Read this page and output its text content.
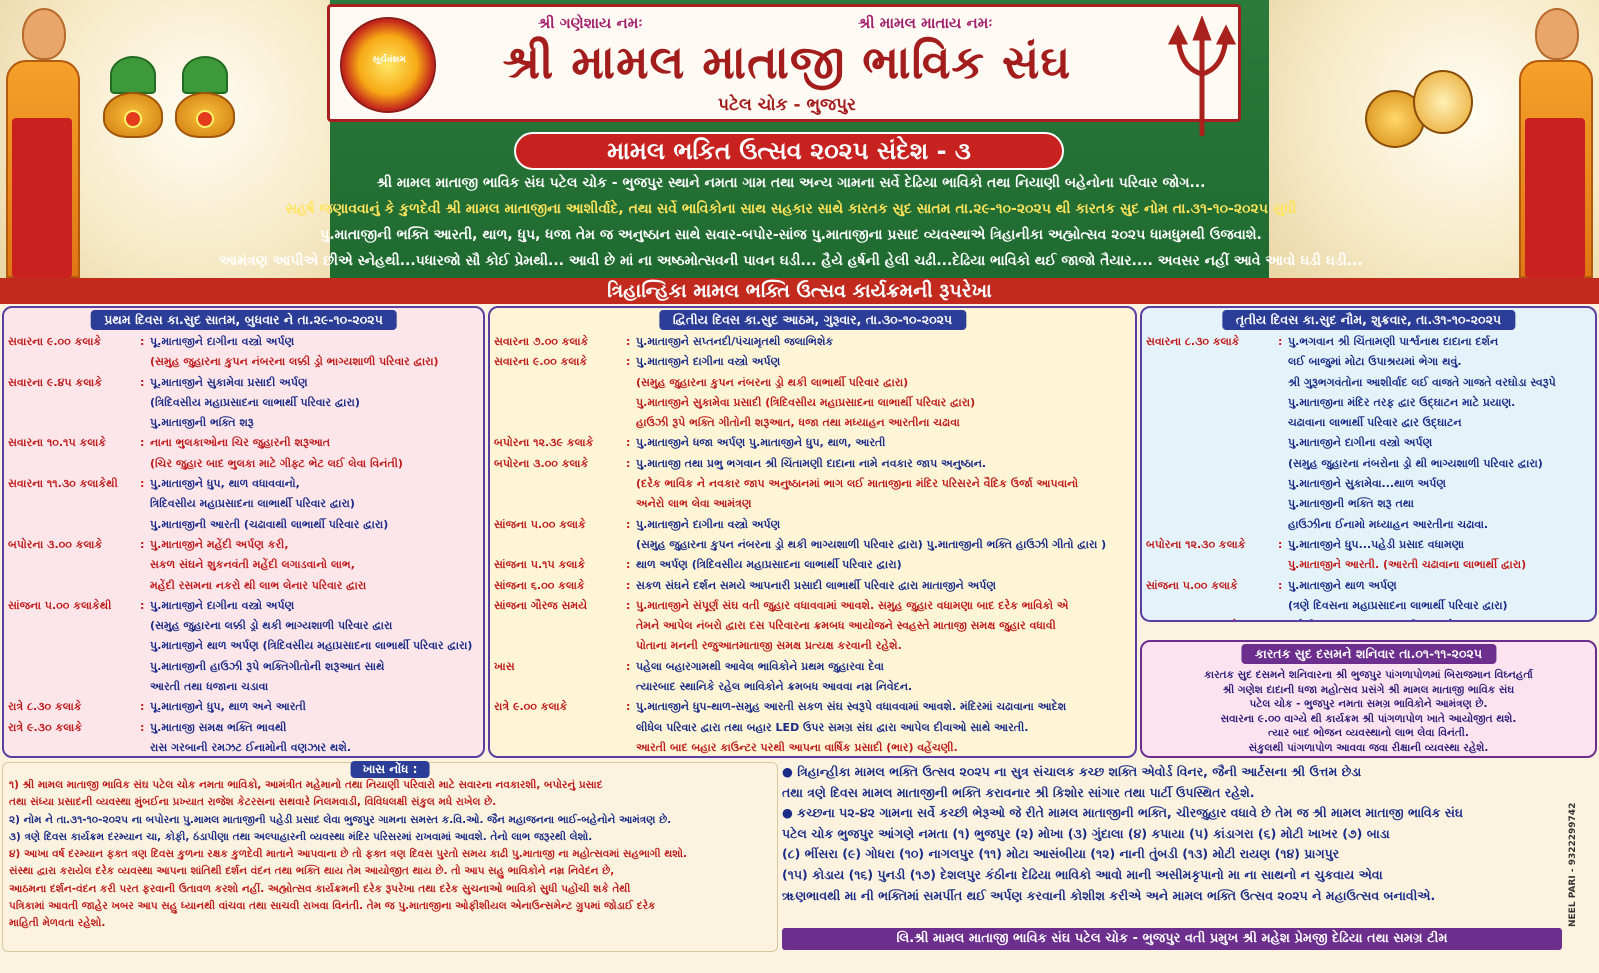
સૂર્યવંશમ
શ્રી ગણેશાય નમઃ	શ્રી મામલ માતાય નમઃ
શ્રી મામલ માતાજી ભાવિક સંઘ
પટેલ ચોક - ભુજપુર
મામલ ભકિત ઉત્સવ ૨૦૨૫ સંદેશ - ૩
શ્રી મામલ માતાજી ભાવિક સંઘ પટેલ ચોક - ભુજપુર સ્થાને નમતા ગામ તથા અન્ય ગામના સર્વે દેઢિયા ભાવિકો તથા નિયાણી બહેનોના પરિવાર જોગ...
સહર્ષ જણાવવાનું કે કુળદેવી શ્રી મામલ માતાજીના આશીર્વાદે, તથા સર્વે ભાવિકોના સાથ સહકાર સાથે કારતક સુદ સાતમ તા.૨૯-૧૦-૨૦૨૫ થી કારતક સુદ નોમ તા.૩૧-૧૦-૨૦૨૫ સુધી
પુ.માતાજીની ભક્તિ આરતી, થાળ, ધુપ, ધજા તેમ જ અનુષ્ઠાન સાથે સવાર-બપોર-સાંજ પુ.માતાજીના પ્રસાદ વ્યવસ્થાએ ત્રિહાનીકા અહ્મોત્સવ ૨૦૨૫ ધામધુમથી ઉજવાશે.
આમંત્રણ આપીએ છીએ સ્નેહથી...પધારજો સૌ કોઈ પ્રેમથી... આવી છે માં ના અષ્ઠમોત્સવની પાવન ઘડી... હૈયે હર્ષની હેલી ચઢી...દેઢિયા ભાવિકો થઈ જાજો તૈયાર.... અવસર નહીં આવે આવો ઘડી ઘડી...
ત્રિહાન્હિકા મામલ ભક્તિ ઉત્સવ કાર્યક્રમની રૂપરેખા
પ્રથમ દિવસ કા.સુદ સાતમ, બુધવાર ને તા.૨૯-૧૦-૨૦૨૫
સવારના ૯.૦૦ કલાકે	: પૂ.માતાજીને દાગીના વસ્ત્રો અર્પણ
(સમુહ જુહારના કુપન નંબરના લક્કી ડ્રો ભાગ્યશાળી પરિવાર દ્વારા)
સવારના ૯.૪૫ કલાકે	: પૂ.માતાજીને સુકામેવા પ્રસાદી અર્પણ
(ત્રિદિવસીય મહાપ્રસાદના લાભાર્થી પરિવાર દ્વારા)
પુ.માતાજીની ભક્તિ શરૂ
સવારના ૧૦.૧૫ કલાકે	: નાના ભુલકાઓના ચિર જુહારની શરૂઆત
(ચિર જુહાર બાદ ભુલકા માટે ગીફ્ટ ભેટ લઈ લેવા વિનંતી)
સવારના ૧૧.૩૦ કલાકેથી	: પુ.માતાજીને ધુપ, થાળ વધાવવાનો,
ત્રિદિવસીય મહાપ્રસાદના લાભાર્થી પરિવાર દ્વારા)
પુ.માતાજીની આરતી (ચઢાવાથી લાભાર્થી પરિવાર દ્વારા)
બપોરના ૩.૦૦ કલાકે	: પુ.માતાજીને મહેંદી અર્પણ કરી,
સકળ સંઘને શુકનવંતી મહેંદી લગાડવાનો લાભ,
મહેંદી રસમના નકરો થી લાભ લેનાર પરિવાર દ્વારા
સાંજના ૫.૦૦ કલાકેથી	: પુ.માતાજીને દાગીના વસ્ત્રો અર્પણ
(સમુહ જુહારના લક્કી ડ્રો થકી ભાગ્યશાળી પરિવાર દ્વારા
પુ.માતાજીને થાળ અર્પણ (ત્રિદિવસીય મહાપ્રસાદના લાભાર્થી પરિવાર દ્વારા)
પુ.માતાજીની હાઉઝી રૂપે ભક્તિગીતોની શરૂઆત સાથે
આરતી તથા ધજાના ચડાવા
રાત્રે ૮.૩૦ કલાકે	: પૂ.માતાજીને ધુપ, થાળ અને આરતી
રાત્રે ૯.૩૦ કલાકે	: પુ.માતાજી સમક્ષ ભક્તિ ભાવથી
રાસ ગરબાની રમઝટ ઈનામોની વણઝાર થશે.
દ્વિતીય દિવસ કા.સુદ આઠમ, ગુરૂવાર, તા.૩૦-૧૦-૨૦૨૫
સવારના ૭.૦૦ કલાકે	: પુ.માતાજીને સપ્તનદી/પંચામૃતથી જલાભિશેક
સવારના ૯.૦૦ કલાકે	: પુ.માતાજીને દાગીના વસ્ત્રો અર્પણ
(સમુહ જુહારના કુપન નંબરના ડ્રો થકી લાભાર્થી પરિવાર દ્વારા)
પુ.માતાજીને સુકામેવા પ્રસાદી (ત્રિદિવસીય મહાપ્રસાદના લાભાર્થી પરિવાર દ્વારા)
હાઉઝી રૂપે ભક્તિ ગીતોની શરૂઆત, ધજા તથા મધ્યાહન આરતીના ચઢાવા
બપોરના ૧૨.૩૯ કલાકે	: પુ.માતાજીને ધજા અર્પણ પુ.માતાજીને ધુપ, થાળ, આરતી
બપોરના ૩.૦૦ કલાકે	: પુ.માતાજી તથા પ્રભુ ભગવાન શ્રી ચિંતામણી દાદાના નામે નવકાર જાપ અનુષ્ઠાન.
(દરેક ભાવિક ને નવકાર જાપ અનુષ્ઠાનમાં ભાગ લઈ માતાજીના મંદિર પરિસરને વૈદિક ઉર્જા આપવાનો
અનેરો લાભ લેવા આમંત્રણ
સાંજના ૫.૦૦ કલાકે	: પુ.માતાજીને દાગીના વસ્ત્રો અર્પણ
(સમુહ જુહારના કુપન નંબરના ડ્રો થકી ભાગ્યશાળી પરિવાર દ્વારા) પુ.માતાજીની ભક્તિ હાઉઝી ગીતો દ્વારા )
સાંજના ૫.૧૫ કલાકે	: થાળ અર્પણ (ત્રિદિવસીય મહાપ્રસાદના લાભાર્થી પરિવાર દ્વારા)
સાંજના ૬.૦૦ કલાકે	: સકળ સંઘને દર્શન સમયે આપનારી પ્રસાદી લાભાર્થી પરિવાર દ્વારા માતાજીને અર્પણ
સાંજના ગૌરજ સમયે	: પુ.માતાજીને સંપૂર્ણ સંઘ વતી જુહાર વધાવવામાં આવશે. સમુહ જુહાર વધામણા બાદ દરેક ભાવિકો એ
તેમને આપેલ નંબરો દ્વારા દસ પરિવારના ક્રમબધ આયોજને સ્વહસ્તે માતાજી સમક્ષ જુહાર વધાવી
પોતાના મનની રજુઆતમાતાજી સમક્ષ પ્રત્યક્ષ કરવાની રહેશે.
ખાસ	: પહેલા બહારગામથી આવેલ ભાવિકોને પ્રથમ જુહારવા દેવા
ત્યારબાદ સ્થાનિકે રહેલ ભાવિકોને ક્રમબધ આવવા નમ્ર નિવેદન.
રાત્રે ૯.૦૦ કલાકે	: પુ.માતાજીને ધુપ-થાળ-સમુહ આરતી સકળ સંઘ સ્વરૂપે વધાવવામાં આવશે. મંદિરમાં ચઢાવાના આદેશ
લીધેલ પરિવાર દ્વારા તથા બહાર LED ઉપર સમગ્ર સંઘ દ્વારા આપેલ દીવાઓ સાથે આરતી.
આરતી બાદ બહાર કાઉન્ટર પરથી આપના વાર્ષિક પ્રસાદી (ભાર) વહેંચણી.
તૃતીય દિવસ કા.સુદ નૌમ, શુક્રવાર, તા.૩૧-૧૦-૨૦૨૫
સવારના ૮.૩૦ કલાકે	: પુ.ભગવાન શ્રી ચિંતામણી પાર્શ્વનાથ દાદાના દર્શન
લઈ બાજુમાં મોટા ઉપાશ્રયમાં ભેગા થવું.
શ્રી ગુરૂભગવંતોના આશીર્વાદ લઈ વાજતે ગાજતે વરઘોડા સ્વરૂપે
પુ.માતાજીના મંદિર તરફ દ્વાર ઉદ્ઘાટન માટે પ્રયાણ.
ચઢાવાના લાભાર્થી પરિવાર દ્વાર ઉદ્ઘાટન
પુ.માતાજીને દાગીના વસ્ત્રો અર્પણ
(સમુહ જુહારના નંબરોના ડ્રો થી ભાગ્યશાળી પરિવાર દ્વારા)
પુ.માતાજીને સુકામેવા...થાળ અર્પણ
પુ.માતાજીની ભક્તિ શરૂ તથા
હાઉઝીના ઈનામો મધ્યાહન આરતીના ચઢાવા.
બપોરના ૧૨.૩૦ કલાકે	: પુ.માતાજીને ધુપ...પહેડી પ્રસાદ વધામણા
પુ.માતાજીને આરતી. (આરતી ચઢાવાના લાભાર્થી દ્વારા)
સાંજના ૫.૦૦ કલાકે	: પુ.માતાજીને થાળ અર્પણ
(ત્રણે દિવસના મહાપ્રસાદના લાભાર્થી પરિવાર દ્વારા)
કારતક સુદ દસમને શનિવાર તા.૦૧-૧૧-૨૦૨૫
કારતક સુદ દસમને શનિવારના શ્રી ભુજપુર પાંગળાપોળમાં બિરાજમાન વિઘ્નહર્તા
શ્રી ગણેશ દાદાની ધજા મહોત્સવ પ્રસંગે શ્રી મામલ માતાજી ભાવિક સંઘ
પટેલ ચોક - ભુજપુર નમતા સમગ્ર ભાવિકોને આમંત્રણ છે.
સવારના ૯.૦૦ વાગ્યે થી કાર્યક્રમ શ્રી પાંગળાપોળ ખાતે આયોજીત થશે.
ત્યાર બાદ ભોજન વ્યવસ્થાનો લાભ લેવા વિનંતી.
સંકુલથી પાંગળાપોળ આવવા જવા રીક્ષાની વ્યવસ્થા રહેશે.
ખાસ નોંધ :
૧) શ્રી મામલ માતાજી ભાવિક સંઘ પટેલ ચોક નમતા ભાવિકો, આમંત્રીત મહેમાનો તથા નિયાણી પરિવારો માટે સવારના નવકારશી, બપોરનું પ્રસાદ
તથા સંધ્યા પ્રસાદની વ્યવસ્થા મુંબઈના પ્રખ્યાત રાજેશ કેટરસના સથવારે નિલમવાડી, વિવિધલક્ષી સંકુલ મધે રાખેલ છે.
૨) નોમ ને તા.૩૧-૧૦-૨૦૨૫ ના બપોરના પુ.મામલ માતાજીની પહેડી પ્રસાદ લેવા ભુજપુર ગામના સમસ્ત ક.વિ.ઓ. જૈન મહાજનના ભાઈ-બહેનોને આમંત્રણ છે.
૩) ત્રણે દિવસ કાર્યક્રમ દરમ્યાન ચા, કોફી, ઠંડાપીણા તથા અલ્પાહારની વ્યવસ્થા મંદિર પરિસરમાં રાખવામાં આવશે. તેનો લાભ જરૂરથી લેશો.
૪) આખા વર્ષ દરમ્યાન ફક્ત ત્રણ દિવસ કુળના રક્ષક કુળદેવી માતાને આપવાના છે તો ફક્ત ત્રણ દિવસ પુરતો સમય કાઢી પુ.માતાજી ના મહોત્સવમાં સહભાગી થશો.
સંસ્થા દ્વારા કરાયેલ દરેક વ્યવસ્થા આપના શાંતિથી દર્શન વંદન તથા ભક્તિ થાય તેમ આયોજીત થાય છે. તો આપ સહુ ભાવિકોને નમ્ર નિવેદન છે,
આઠમના દર્શન-વંદન કરી પરત ફરવાની ઉતાવળ કરશો નહીં. અહ્મોત્સવ કાર્યક્રમની દરેક રૂપરેખા તથા દરેક સુચનાઓ ભાવિકો સુધી પહોંચી શકે તેથી
પત્રિકામાં આવતી જાહેર ખબર આપ સહુ ધ્યાનથી વાંચવા તથા સાચવી રાખવા વિનંતી. તેમ જ પુ.માતાજીના ઓફીશીયલ એનાઉન્સમેન્ટ ગ્રુપમાં જોડાઈ દરેક
માહિતી મેળવતા રહેશો.
● ત્રિહાન્હીકા મામલ ભક્તિ ઉત્સવ ૨૦૨૫ ના સુત્ર સંચાલક કચ્છ શક્તિ એવોર્ડ વિનર, જૈની આર્ટસના શ્રી ઉત્તમ છેડા
તથા ત્રણે દિવસ મામલ માતાજીની ભક્તિ કરાવનાર શ્રી કિશોર સાંગાર તથા પાર્ટી ઉપસ્થિત રહેશે.
● કચ્છના ૫૨-૪૨ ગામના સર્વે કચ્છી ભેરૂઓ જે રીતે મામલ માતાજીની ભક્તિ, ચીરજુહાર વધાવે છે તેમ જ શ્રી મામલ માતાજી ભાવિક સંઘ
પટેલ ચોક ભુજપુર આંગણે નમતા (૧) ભુજપુર (૨) મોખા (૩) ગુંદાલા (૪) કપાયા (૫) કાંડાગરા (૬) મોટી ખાખર (૭) બાડા
(૮) ભીંસરા (૯) ગોધરા (૧૦) નાગલપુર (૧૧) મોટા આસંબીયા (૧૨) નાની તુંબડી (૧૩) મોટી રાયણ (૧૪) પ્રાગપુર
(૧૫) કોડાય (૧૬) પુનડી (૧૭) દેશલપુર કંઠીના દેઢિયા ભાવિકો આવો માની અસીમકૃપાનો મા ના સાથનો ન ચુકવાય એવા
ૠણભાવથી મા ની ભક્તિમાં સમર્પીત થઈ અર્પણ કરવાની કોશીશ કરીએ અને મામલ ભક્તિ ઉત્સવ ૨૦૨૫ ને મહાઉત્સવ બનાવીએ.
લિ.શ્રી મામલ માતાજી ભાવિક સંઘ પટેલ ચોક - ભુજપુર વતી પ્રમુખ શ્રી મહેશ પ્રેમજી દેઢિયા તથા સમગ્ર ટીમ
NEEL PARI - 9322299742
